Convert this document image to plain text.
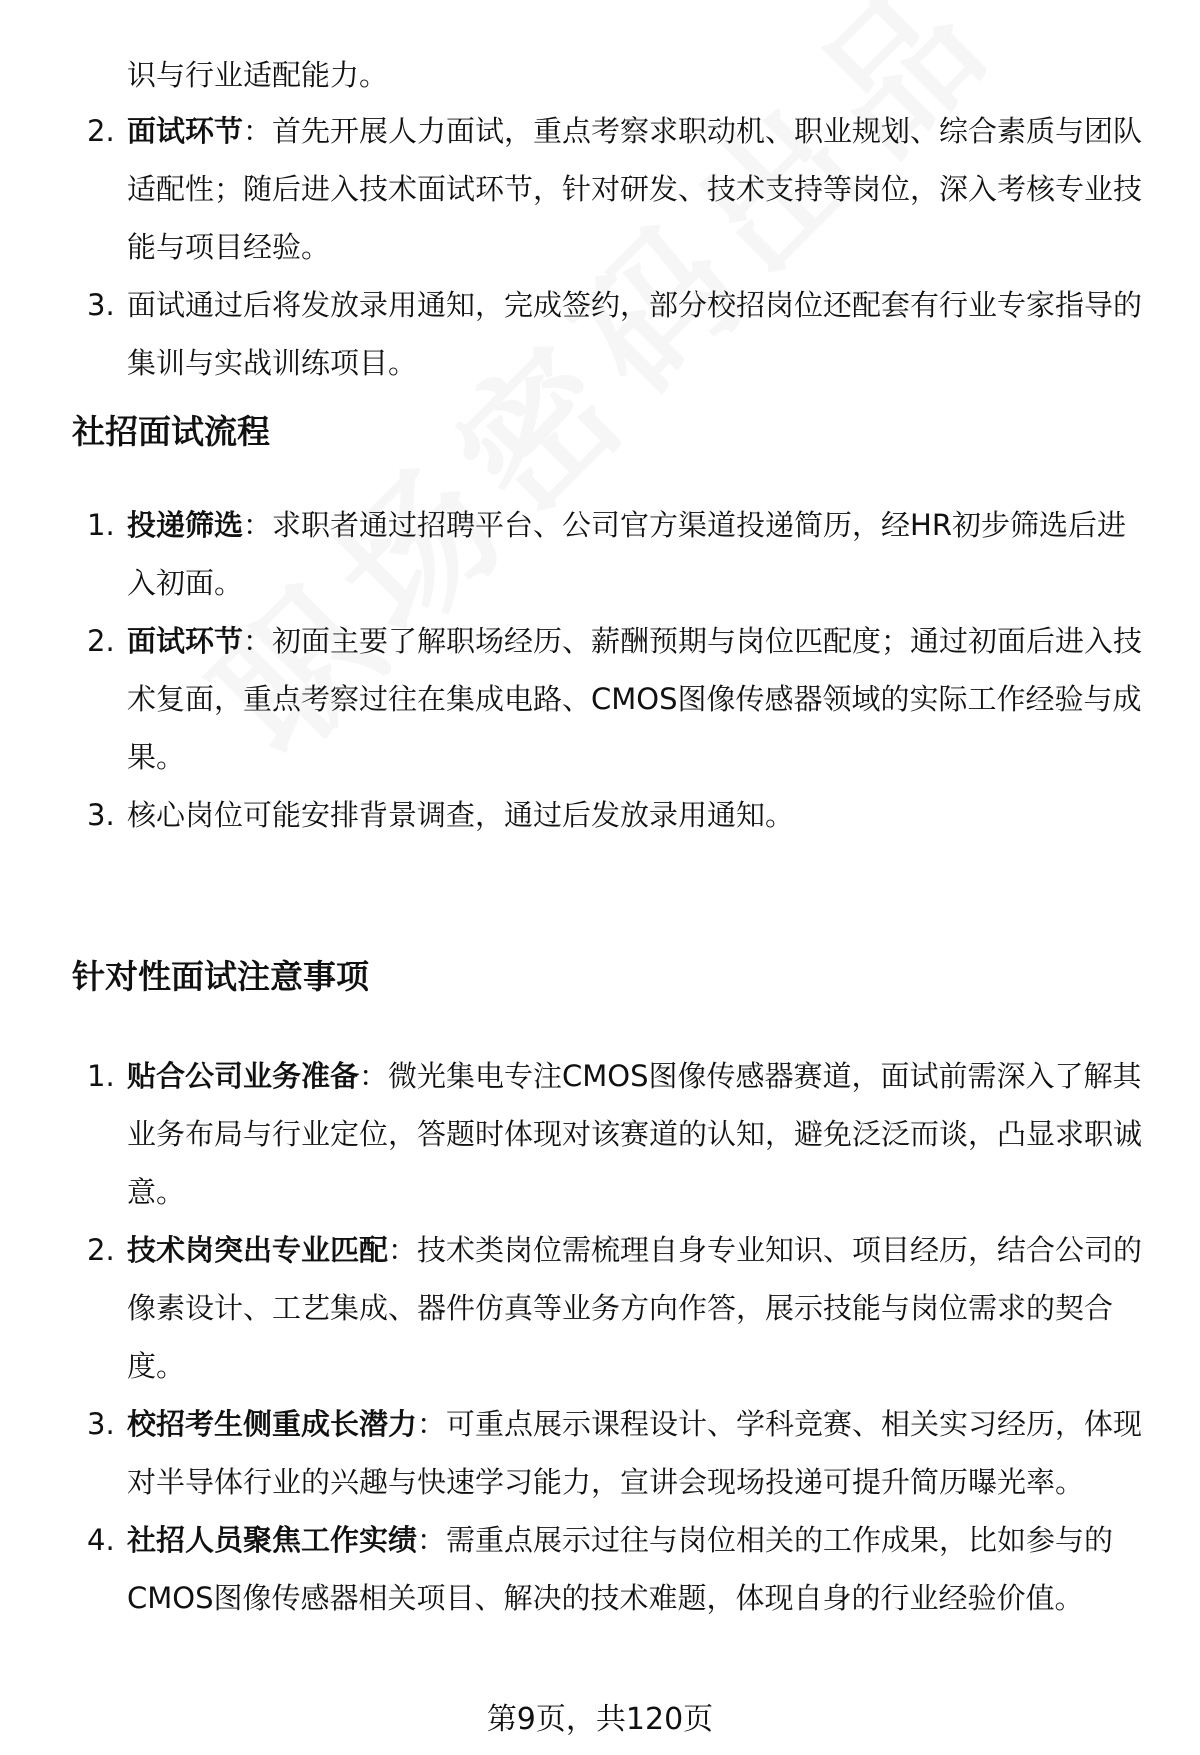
识与行业适配能力。

2. 面试环节：首先开展人力面试，重点考察求职动机、职业规划、综合素质与团队适配性；随后进入技术面试环节，针对研发、技术支持等岗位，深入考核专业技能与项目经验。
3. 面试通过后将发放录用通知，完成签约，部分校招岗位还配套有行业专家指导的集训与实战训练项目。
社招面试流程
1. 投递筛选：求职者通过招聘平台、公司官方渠道投递简历，经HR初步筛选后进入初面。
2. 面试环节：初面主要了解职场经历、薪酬预期与岗位匹配度；通过初面后进入技术复面，重点考察过往在集成电路、CMOS图像传感器领域的实际工作经验与成果。
3. 核心岗位可能安排背景调查，通过后发放录用通知。
针对性面试注意事项
1. 贴合公司业务准备：微光集电专注CMOS图像传感器赛道，面试前需深入了解其业务布局与行业定位，答题时体现对该赛道的认知，避免泛泛而谈，凸显求职诚意。
2. 技术岗突出专业匹配：技术类岗位需梳理自身专业知识、项目经历，结合公司的像素设计、工艺集成、器件仿真等业务方向作答，展示技能与岗位需求的契合度。
3. 校招考生侧重成长潜力：可重点展示课程设计、学科竞赛、相关实习经历，体现对半导体行业的兴趣与快速学习能力，宣讲会现场投递可提升简历曝光率。
4. 社招人员聚焦工作实绩：需重点展示过往与岗位相关的工作成果，比如参与的CMOS图像传感器相关项目、解决的技术难题，体现自身的行业经验价值。
第9页，共120页
